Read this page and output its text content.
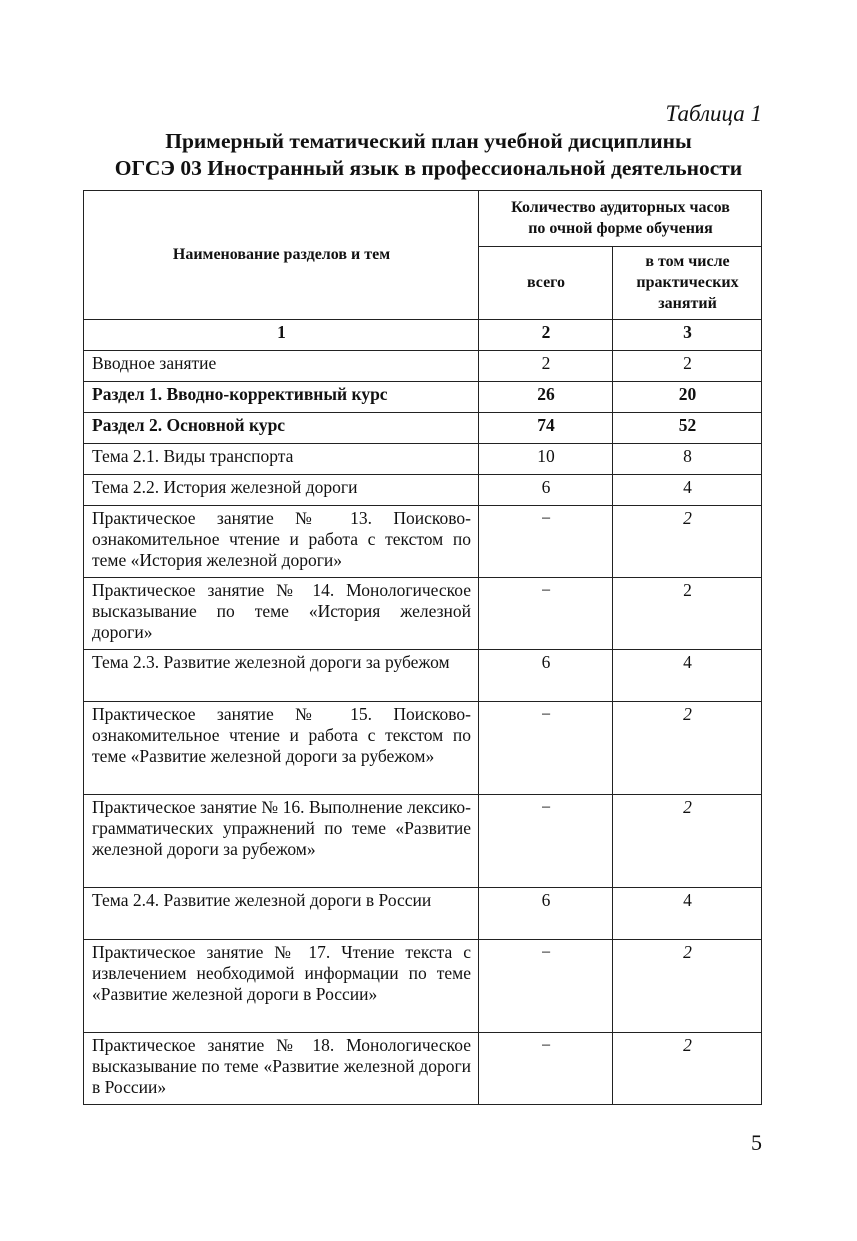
Таблица 1
Примерный тематический план учебной дисциплины
ОГСЭ 03 Иностранный язык в профессиональной деятельности
Наименование разделов и тем	Количество аудиторных часов
по очной форме обучения	

	всего	в том числе
практических
занятий

1	2	3
Вводное занятие	2	2
Раздел 1. Вводно-коррективный курс	26	20
Раздел 2. Основной курс	74	52
Тема 2.1. Виды транспорта	10	8
Тема 2.2. История железной дороги	6	4
Практическое занятие № 13. Поисково-ознакомительное чтение и работа с текстом по теме «История железной дороги»	−	2
Практическое занятие № 14. Монологическое высказывание по теме «История железной дороги»	−	2
Тема 2.3. Развитие железной дороги за рубежом	6	4
Практическое занятие № 15. Поисково-ознакомительное чтение и работа с текстом по теме «Развитие железной дороги за рубежом»	−	2
Практическое занятие № 16. Выполнение лексико-грамматических упражнений по теме «Развитие железной дороги за рубежом»	−	2
Тема 2.4. Развитие железной дороги в России	6	4
Практическое занятие № 17. Чтение текста с извлечением необходимой информации по теме «Развитие железной дороги в России»	−	2
Практическое занятие № 18. Монологическое высказывание по теме «Развитие железной дороги в России»	−	2
5
